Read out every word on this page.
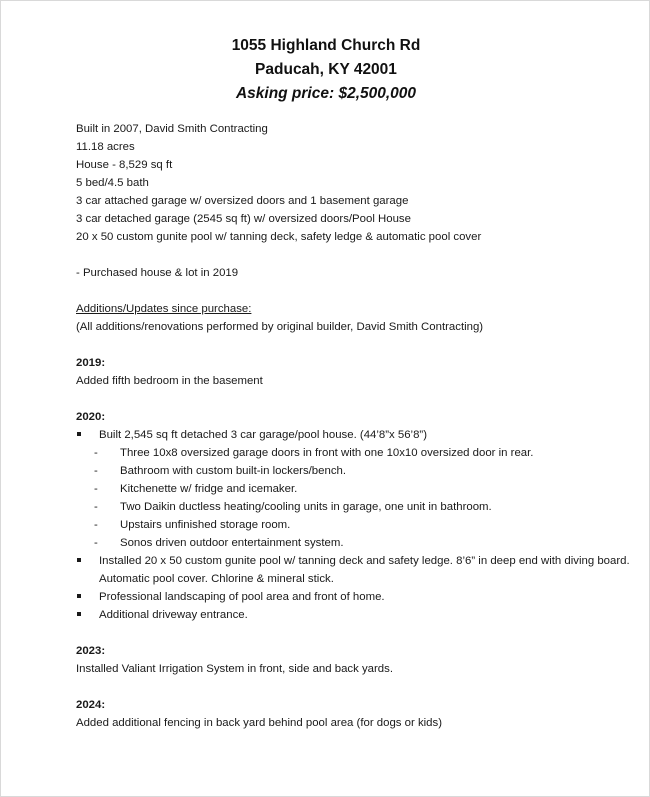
1055 Highland Church Rd
Paducah, KY 42001
Asking price: $2,500,000
Built in 2007, David Smith Contracting
11.18 acres
House - 8,529 sq ft
5 bed/4.5 bath
3 car attached garage w/ oversized doors and 1 basement garage
3 car detached garage (2545 sq ft) w/ oversized doors/Pool House
20 x 50 custom gunite pool w/ tanning deck, safety ledge & automatic pool cover
- Purchased house & lot in 2019
Additions/Updates since purchase:
(All additions/renovations performed by original builder, David Smith Contracting)
2019:
Added fifth bedroom in the basement
2020:
Built 2,545 sq ft detached 3 car garage/pool house. (44’8”x 56’8”)
- Three 10x8 oversized garage doors in front with one 10x10 oversized door in rear.
- Bathroom with custom built-in lockers/bench.
- Kitchenette w/ fridge and icemaker.
- Two Daikin ductless heating/cooling units in garage, one unit in bathroom.
- Upstairs unfinished storage room.
- Sonos driven outdoor entertainment system.
Installed 20 x 50 custom gunite pool w/ tanning deck and safety ledge. 8’6” in deep end with diving board. Automatic pool cover. Chlorine & mineral stick.
Professional landscaping of pool area and front of home.
Additional driveway entrance.
2023:
Installed Valiant Irrigation System in front, side and back yards.
2024:
Added additional fencing in back yard behind pool area (for dogs or kids)
